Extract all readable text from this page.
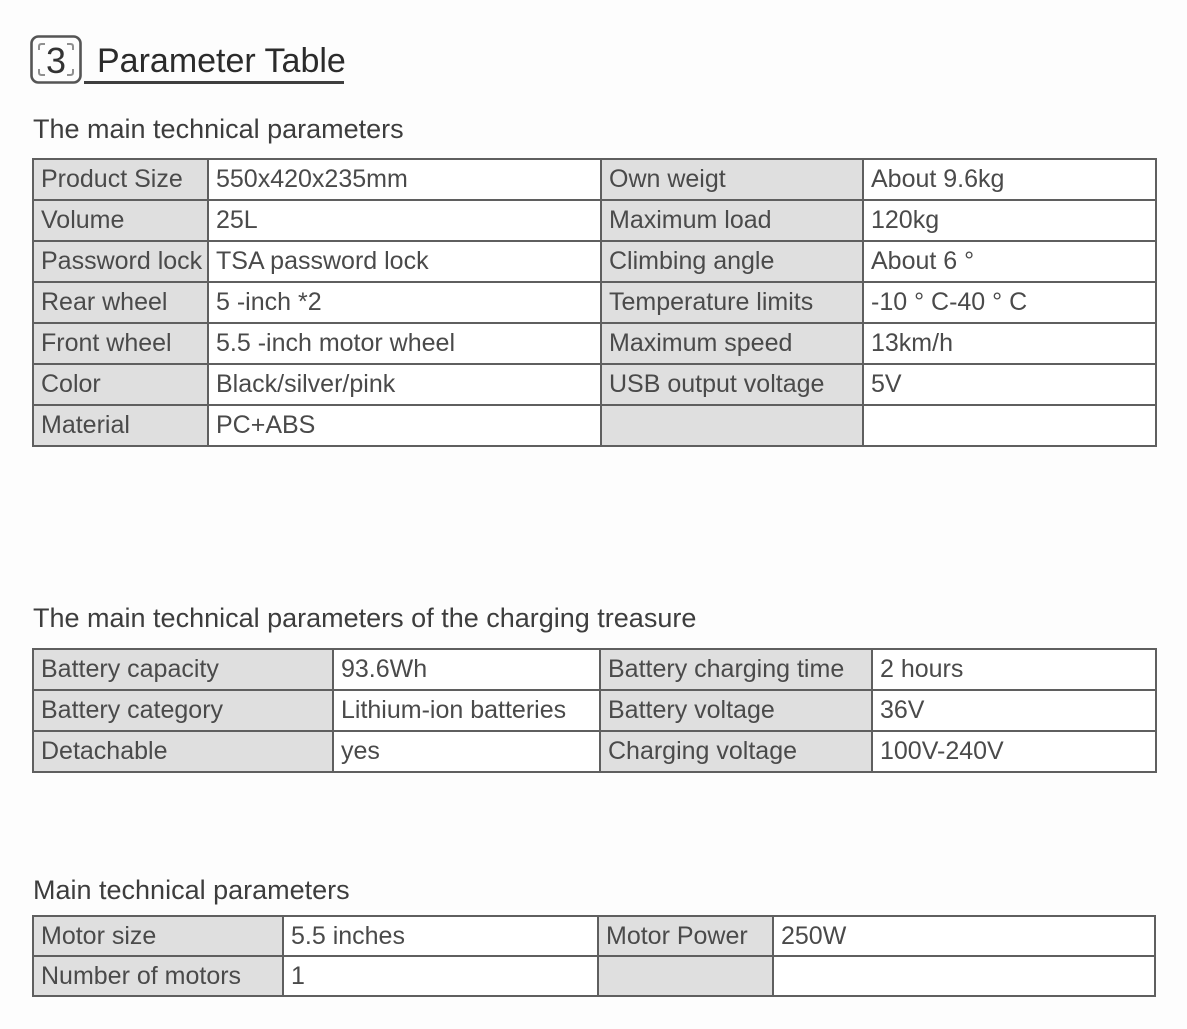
3 Parameter Table
The main technical parameters
Product Size	550x420x235mm	Own weigt	About 9.6kg
Volume	25L	Maximum load	120kg
Password lock	TSA password lock	Climbing angle	About 6 °
Rear wheel	5 -inch *2	Temperature limits	-10 ° C-40 ° C
Front wheel	5.5 -inch motor wheel	Maximum speed	13km/h
Color	Black/silver/pink	USB output voltage	5V
Material	PC+ABS		
The main technical parameters of the charging treasure
Battery capacity	93.6Wh	Battery charging time	2 hours
Battery category	Lithium-ion batteries	Battery voltage	36V
Detachable	yes	Charging voltage	100V-240V
Main technical parameters
Motor size	5.5 inches	Motor Power	250W
Number of motors	1		
